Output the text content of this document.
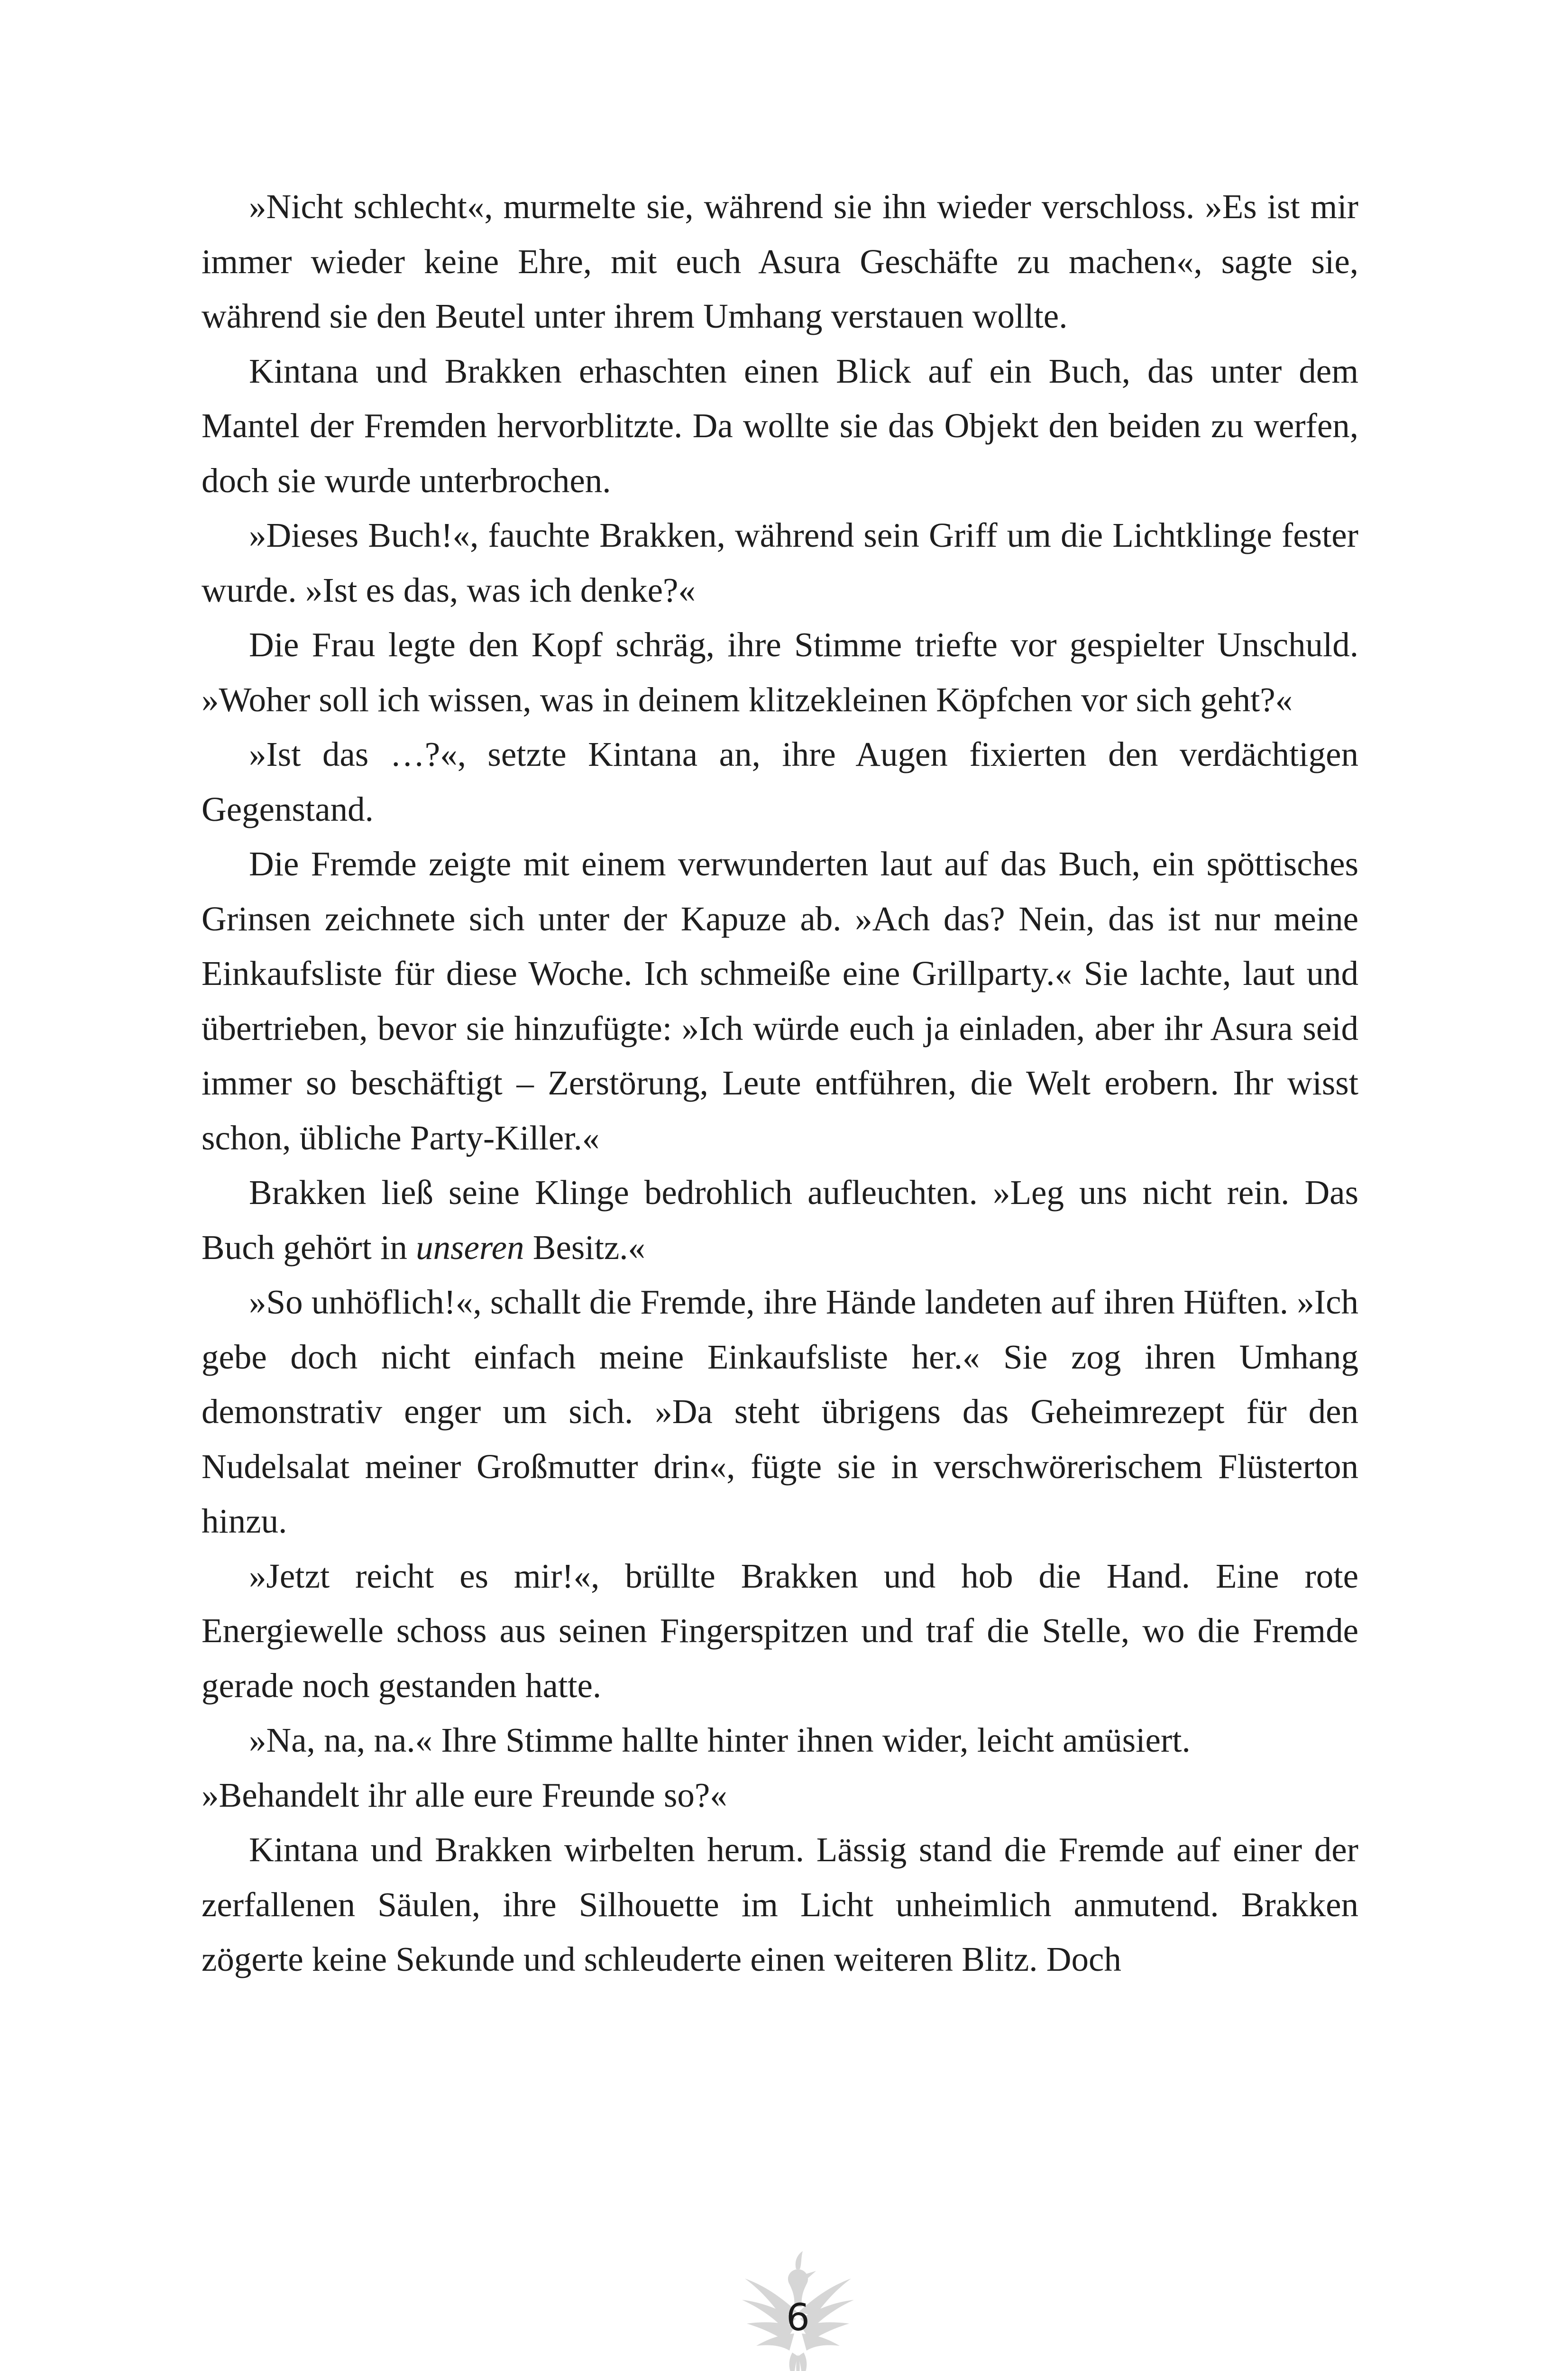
»Nicht schlecht«, murmelte sie, während sie ihn wieder verschloss. »Es ist mir immer wieder keine Ehre, mit euch Asura Geschäfte zu machen«, sagte sie, während sie den Beutel unter ihrem Umhang verstauen wollte.

Kintana und Brakken erhaschten einen Blick auf ein Buch, das unter dem Mantel der Fremden hervorblitzte. Da wollte sie das Objekt den beiden zu werfen, doch sie wurde unterbrochen.

»Dieses Buch!«, fauchte Brakken, während sein Griff um die Lichtklinge fester wurde. »Ist es das, was ich denke?«

Die Frau legte den Kopf schräg, ihre Stimme triefte vor gespielter Unschuld. »Woher soll ich wissen, was in deinem klitzekleinen Köpfchen vor sich geht?«

»Ist das …?«, setzte Kintana an, ihre Augen fixierten den verdächtigen Gegenstand.

Die Fremde zeigte mit einem verwunderten laut auf das Buch, ein spöttisches Grinsen zeichnete sich unter der Kapuze ab. »Ach das? Nein, das ist nur meine Einkaufsliste für diese Woche. Ich schmeiße eine Grillparty.« Sie lachte, laut und übertrieben, bevor sie hinzufügte: »Ich würde euch ja einladen, aber ihr Asura seid immer so beschäftigt – Zerstörung, Leute entführen, die Welt erobern. Ihr wisst schon, übliche Party-Killer.«

Brakken ließ seine Klinge bedrohlich aufleuchten. »Leg uns nicht rein. Das Buch gehört in unseren Besitz.«

»So unhöflich!«, schallt die Fremde, ihre Hände landeten auf ihren Hüften. »Ich gebe doch nicht einfach meine Einkaufsliste her.« Sie zog ihren Umhang demonstrativ enger um sich. »Da steht übrigens das Geheimrezept für den Nudelsalat meiner Großmutter drin«, fügte sie in verschwörerischem Flüsterton hinzu.

»Jetzt reicht es mir!«, brüllte Brakken und hob die Hand. Eine rote Energiewelle schoss aus seinen Fingerspitzen und traf die Stelle, wo die Fremde gerade noch gestanden hatte.

»Na, na, na.« Ihre Stimme hallte hinter ihnen wider, leicht amüsiert.

»Behandelt ihr alle eure Freunde so?«

Kintana und Brakken wirbelten herum. Lässig stand die Fremde auf einer der zerfallenen Säulen, ihre Silhouette im Licht unheimlich anmutend. Brakken zögerte keine Sekunde und schleuderte einen weiteren Blitz. Doch

6
